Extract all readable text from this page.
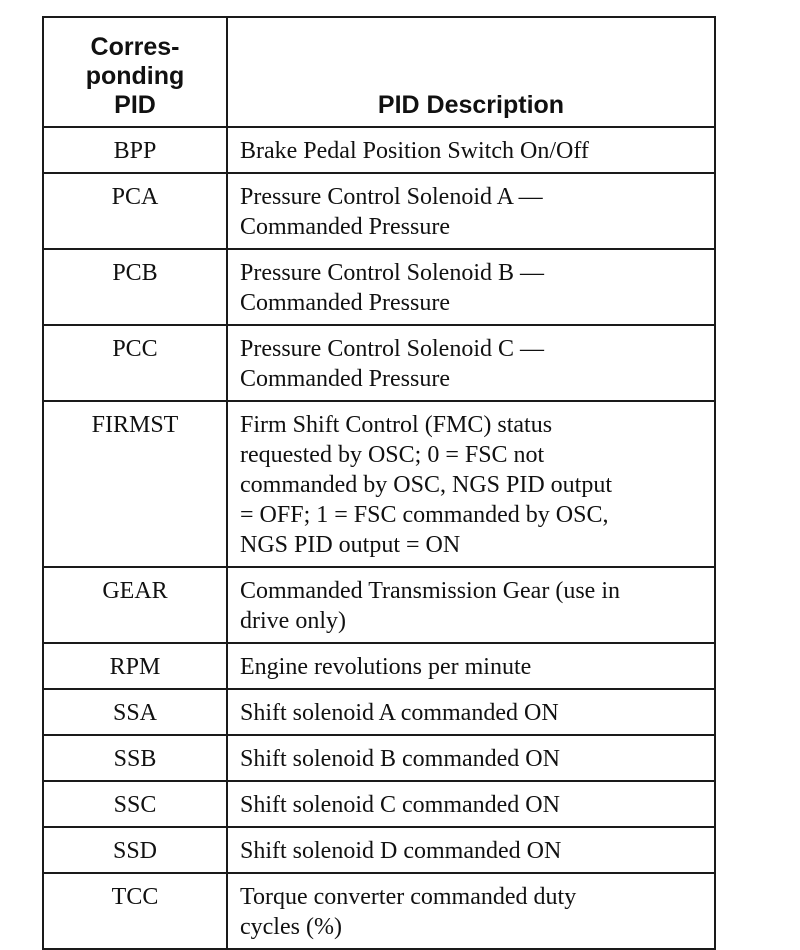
Corres-
ponding
PID	PID Description
BPP	Brake Pedal Position Switch On/Off
PCA	Pressure Control Solenoid A —
Commanded Pressure
PCB	Pressure Control Solenoid B —
Commanded Pressure
PCC	Pressure Control Solenoid C —
Commanded Pressure
FIRMST	Firm Shift Control (FMC) status
requested by OSC; 0 = FSC not
commanded by OSC, NGS PID output
= OFF; 1 = FSC commanded by OSC,
NGS PID output = ON
GEAR	Commanded Transmission Gear (use in
drive only)
RPM	Engine revolutions per minute
SSA	Shift solenoid A commanded ON
SSB	Shift solenoid B commanded ON
SSC	Shift solenoid C commanded ON
SSD	Shift solenoid D commanded ON
TCC	Torque converter commanded duty
cycles (%)
